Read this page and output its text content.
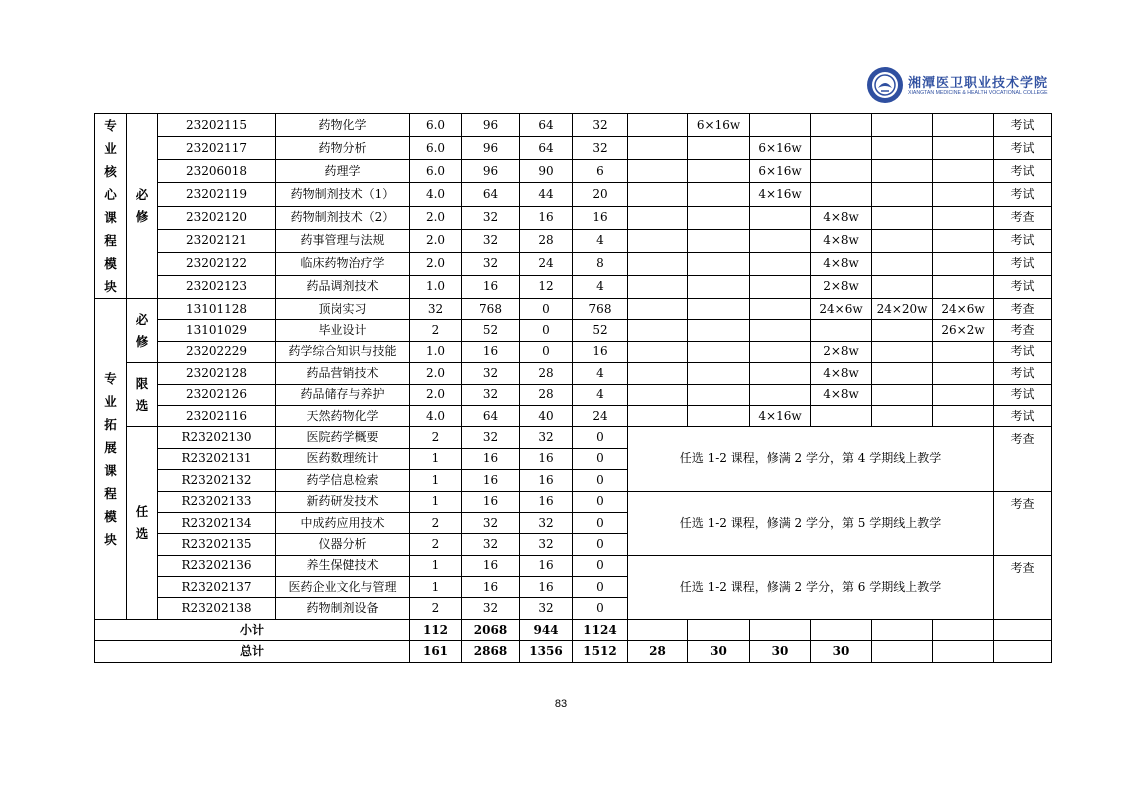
湘潭医卫职业技术学院
XIANGTAN MEDICINE & HEALTH VOCATIONAL COLLEGE
专业核心课程模块	必修	23202115	药物化学	6.0	96	64	32		6×16w					考试
		23202117	药物分析	6.0	96	64	32			6×16w				考试
		23206018	药理学	6.0	96	90	6			6×16w				考试
		23202119	药物制剂技术（1）	4.0	64	44	20			4×16w				考试
		23202120	药物制剂技术（2）	2.0	32	16	16				4×8w			考查
		23202121	药事管理与法规	2.0	32	28	4				4×8w			考试
		23202122	临床药物治疗学	2.0	32	24	8				4×8w			考试
		23202123	药品调剂技术	1.0	16	12	4				2×8w			考试
专业拓展课程模块	必修	13101128	顶岗实习	32	768	0	768				24×6w	24×20w	24×6w	考查
		13101029	毕业设计	2	52	0	52						26×2w	考查
		23202229	药学综合知识与技能	1.0	16	0	16				2×8w			考试
	限选	23202128	药品营销技术	2.0	32	28	4				4×8w			考试
		23202126	药品储存与养护	2.0	32	28	4				4×8w			考试
		23202116	天然药物化学	4.0	64	40	24			4×16w				考试
	任选	R23202130	医院药学概要	2	32	32	0	任选 1-2 课程，修满 2 学分，第 4 学期线上教学						考查
		R23202131	医药数理统计	1	16	16	0							
		R23202132	药学信息检索	1	16	16	0							
		R23202133	新药研发技术	1	16	16	0	任选 1-2 课程，修满 2 学分，第 5 学期线上教学						考查
		R23202134	中成药应用技术	2	32	32	0							
		R23202135	仪器分析	2	32	32	0							
		R23202136	养生保健技术	1	16	16	0	任选 1-2 课程，修满 2 学分，第 6 学期线上教学						考查
		R23202137	医药企业文化与管理	1	16	16	0							
		R23202138	药物制剂设备	2	32	32	0							
小计				112	2068	944	1124							
总计				161	2868	1356	1512	28	30	30	30			
83
